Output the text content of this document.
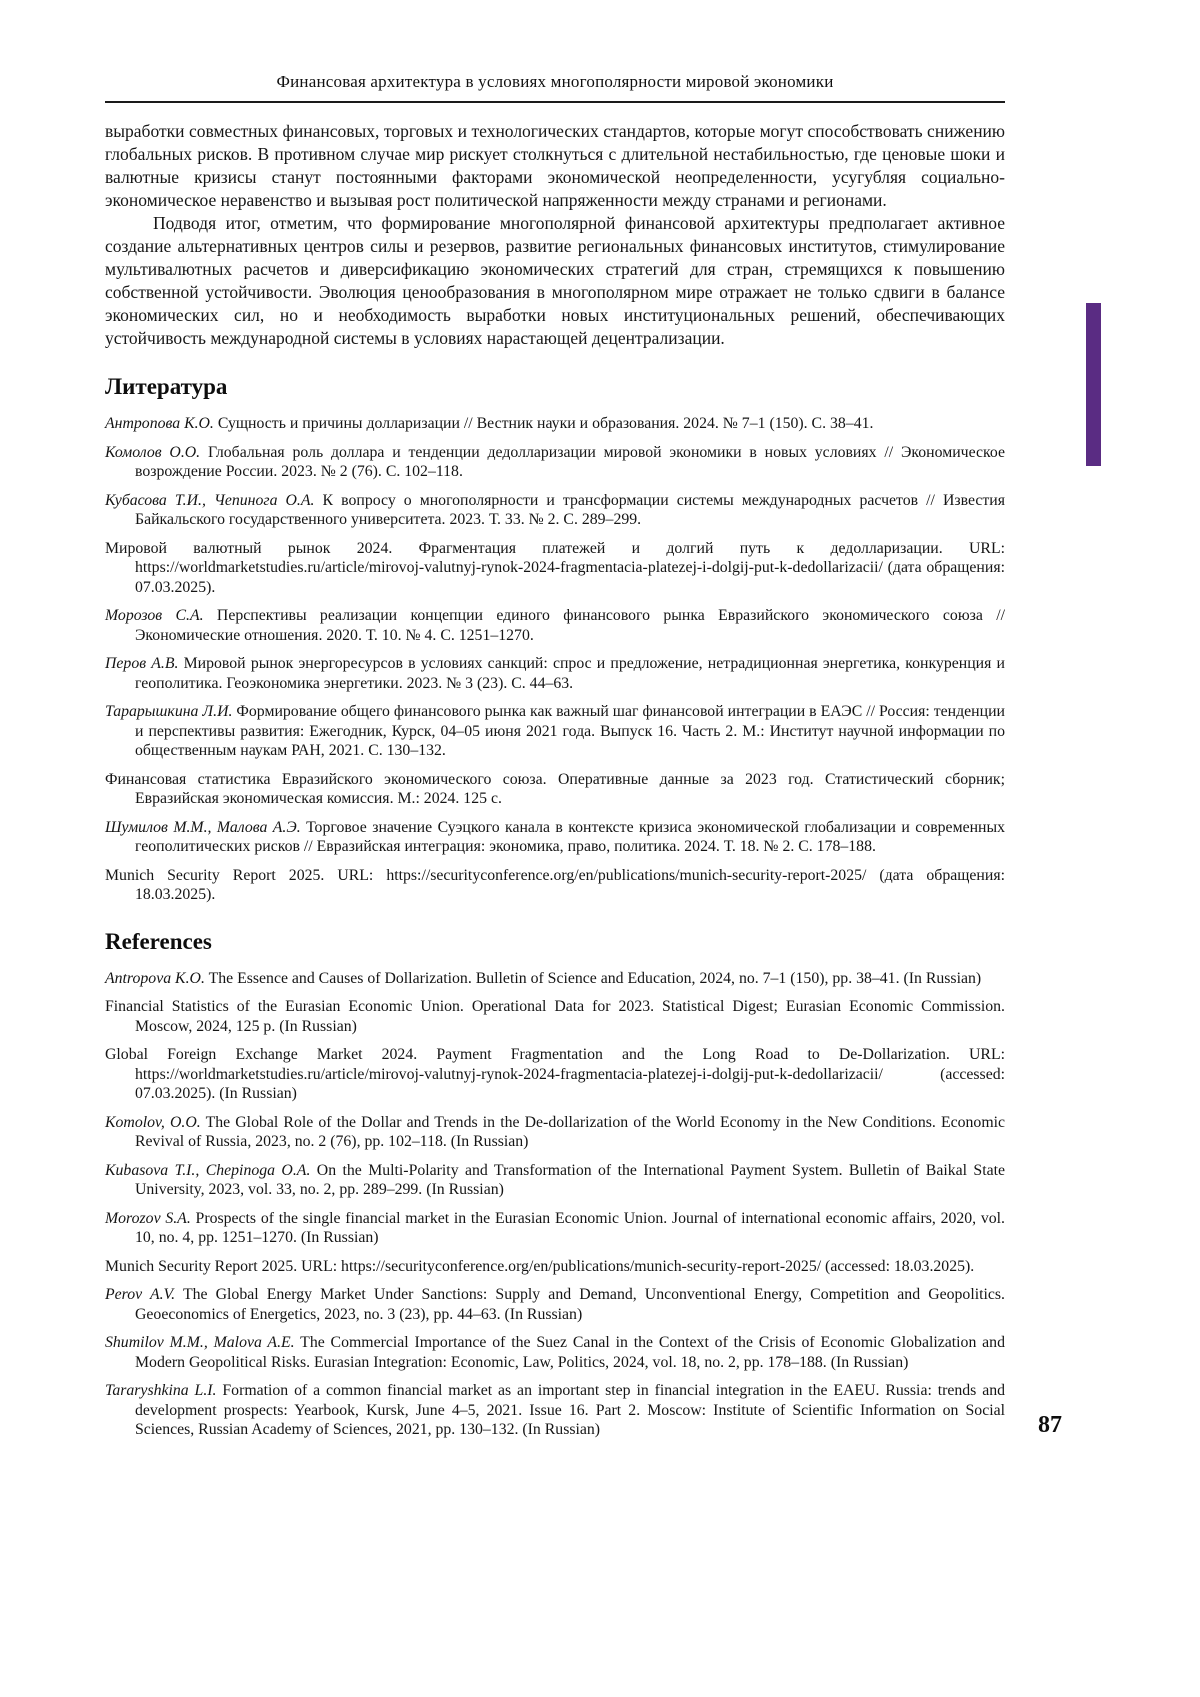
Финансовая архитектура в условиях многополярности мировой экономики

выработки совместных финансовых, торговых и технологических стандартов, которые могут способствовать снижению глобальных рисков. В противном случае мир рискует столкнуться с длительной нестабильностью, где ценовые шоки и валютные кризисы станут постоянными факторами экономической неопределенности, усугубляя социально-экономическое неравенство и вызывая рост политической напряженности между странами и регионами.

Подводя итог, отметим, что формирование многополярной финансовой архитектуры предполагает активное создание альтернативных центров силы и резервов, развитие региональных финансовых институтов, стимулирование мультивалютных расчетов и диверсификацию экономических стратегий для стран, стремящихся к повышению собственной устойчивости. Эволюция ценообразования в многополярном мире отражает не только сдвиги в балансе экономических сил, но и необходимость выработки новых институциональных решений, обеспечивающих устойчивость международной системы в условиях нарастающей децентрализации.

Литература
Антропова К.О. Сущность и причины долларизации // Вестник науки и образования. 2024. № 7–1 (150). С. 38–41.
Комолов О.О. Глобальная роль доллара и тенденции дедолларизации мировой экономики в новых условиях // Экономическое возрождение России. 2023. № 2 (76). С. 102–118.
Кубасова Т.И., Чепинога О.А. К вопросу о многополярности и трансформации системы международных расчетов // Известия Байкальского государственного университета. 2023. Т. 33. № 2. С. 289–299.
Мировой валютный рынок 2024. Фрагментация платежей и долгий путь к дедолларизации. URL: https://worldmarketstudies.ru/article/mirovoj-valutnyj-rynok-2024-fragmentacia-platezej-i-dolgij-put-k-dedollarizacii/ (дата обращения: 07.03.2025).
Морозов С.А. Перспективы реализации концепции единого финансового рынка Евразийского экономического союза // Экономические отношения. 2020. Т. 10. № 4. С. 1251–1270.
Перов А.В. Мировой рынок энергоресурсов в условиях санкций: спрос и предложение, нетрадиционная энергетика, конкуренция и геополитика. Геоэкономика энергетики. 2023. № 3 (23). С. 44–63.
Тарарышкина Л.И. Формирование общего финансового рынка как важный шаг финансовой интеграции в ЕАЭС // Россия: тенденции и перспективы развития: Ежегодник, Курск, 04–05 июня 2021 года. Выпуск 16. Часть 2. М.: Институт научной информации по общественным наукам РАН, 2021. С. 130–132.
Финансовая статистика Евразийского экономического союза. Оперативные данные за 2023 год. Статистический сборник; Евразийская экономическая комиссия. М.: 2024. 125 с.
Шумилов М.М., Малова А.Э. Торговое значение Суэцкого канала в контексте кризиса экономической глобализации и современных геополитических рисков // Евразийская интеграция: экономика, право, политика. 2024. Т. 18. № 2. С. 178–188.
Munich Security Report 2025. URL: https://securityconference.org/en/publications/munich-security-report-2025/ (дата обращения: 18.03.2025).
References
Antropova K.O. The Essence and Causes of Dollarization. Bulletin of Science and Education, 2024, no. 7–1 (150), pp. 38–41. (In Russian)
Financial Statistics of the Eurasian Economic Union. Operational Data for 2023. Statistical Digest; Eurasian Economic Commission. Moscow, 2024, 125 p. (In Russian)
Global Foreign Exchange Market 2024. Payment Fragmentation and the Long Road to De-Dollarization. URL: https://worldmarketstudies.ru/article/mirovoj-valutnyj-rynok-2024-fragmentacia-platezej-i-dolgij-put-k-dedollarizacii/ (accessed: 07.03.2025). (In Russian)
Komolov, O.O. The Global Role of the Dollar and Trends in the De-dollarization of the World Economy in the New Conditions. Economic Revival of Russia, 2023, no. 2 (76), pp. 102–118. (In Russian)
Kubasova T.I., Chepinoga O.A. On the Multi-Polarity and Transformation of the International Payment System. Bulletin of Baikal State University, 2023, vol. 33, no. 2, pp. 289–299. (In Russian)
Morozov S.A. Prospects of the single financial market in the Eurasian Economic Union. Journal of international economic affairs, 2020, vol. 10, no. 4, pp. 1251–1270. (In Russian)
Munich Security Report 2025. URL: https://securityconference.org/en/publications/munich-security-report-2025/ (accessed: 18.03.2025).
Perov A.V. The Global Energy Market Under Sanctions: Supply and Demand, Unconventional Energy, Competition and Geopolitics. Geoeconomics of Energetics, 2023, no. 3 (23), pp. 44–63. (In Russian)
Shumilov M.M., Malova A.E. The Commercial Importance of the Suez Canal in the Context of the Crisis of Economic Globalization and Modern Geopolitical Risks. Eurasian Integration: Economic, Law, Politics, 2024, vol. 18, no. 2, pp. 178–188. (In Russian)
Tararyshkina L.I. Formation of a common financial market as an important step in financial integration in the EAEU. Russia: trends and development prospects: Yearbook, Kursk, June 4–5, 2021. Issue 16. Part 2. Moscow: Institute of Scientific Information on Social Sciences, Russian Academy of Sciences, 2021, pp. 130–132. (In Russian)	87
